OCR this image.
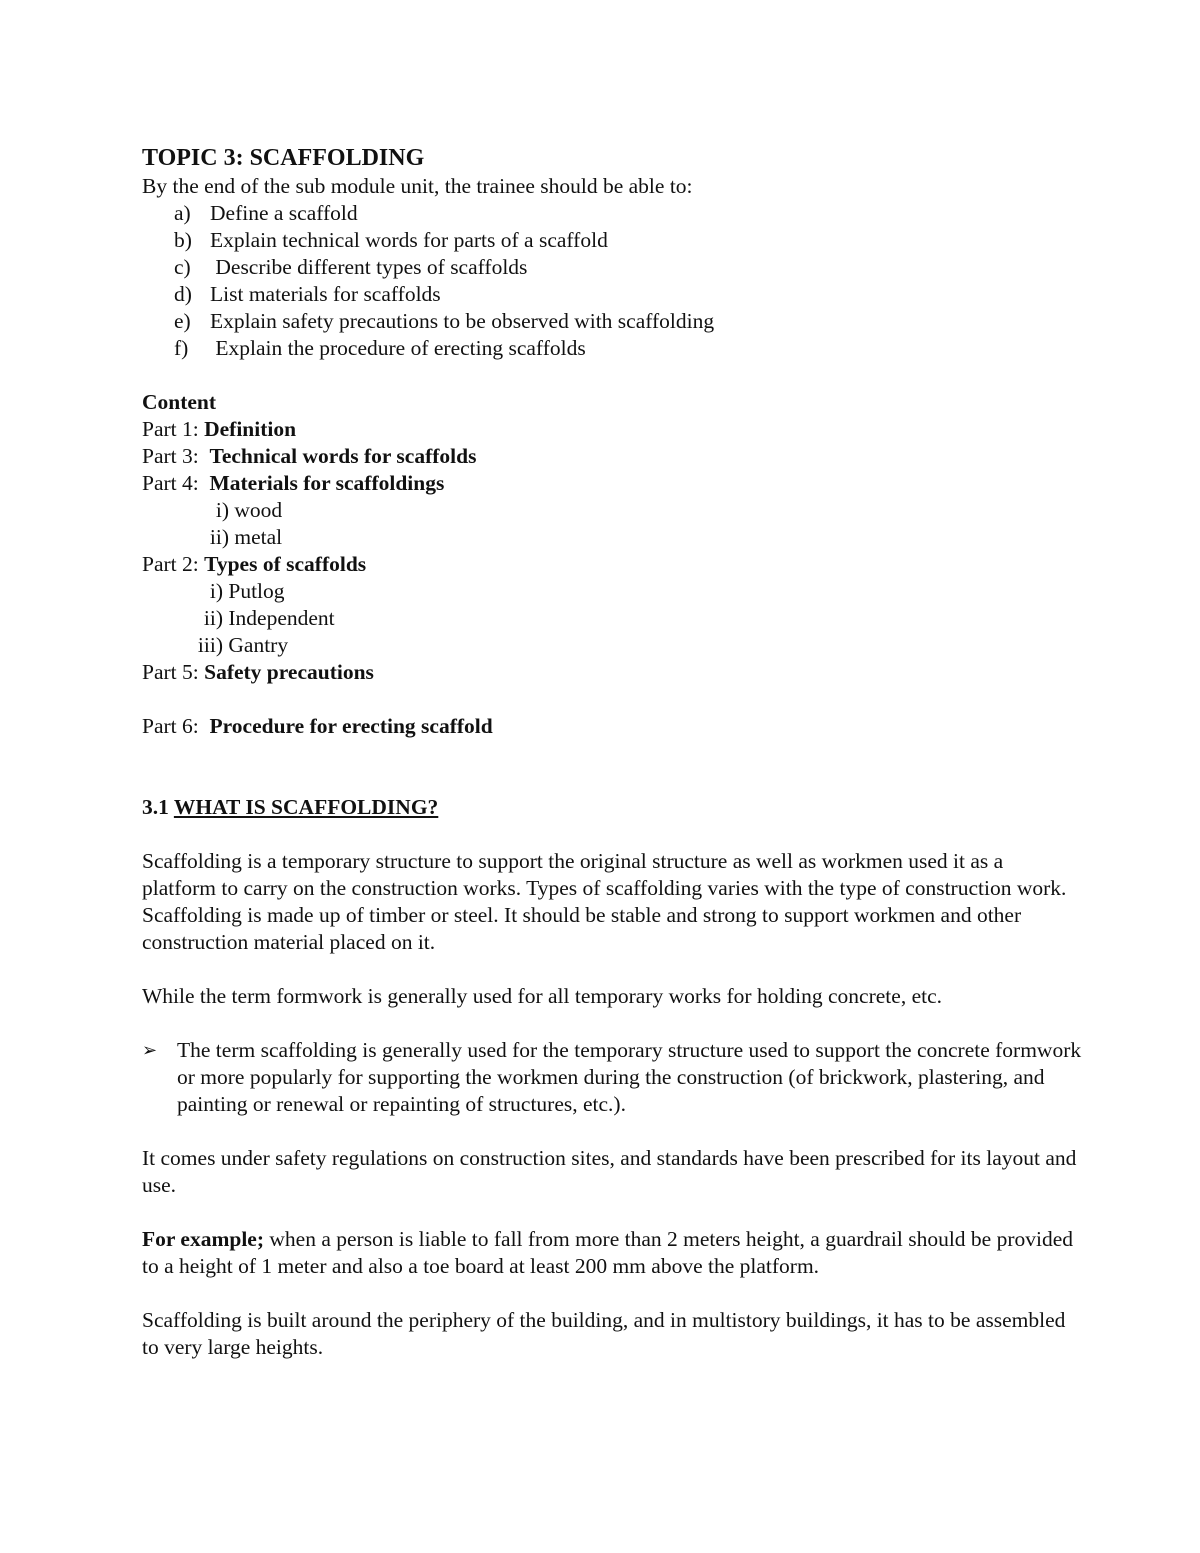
TOPIC 3: SCAFFOLDING

By the end of the sub module unit, the trainee should be able to:

a) Define a scaffold

b) Explain technical words for parts of a scaffold

c) Describe different types of scaffolds

d) List materials for scaffolds

e) Explain safety precautions to be observed with scaffolding

f) Explain the procedure of erecting scaffolds

Content

Part 1: Definition

Part 3:  Technical words for scaffolds

Part 4:  Materials for scaffoldings

i) wood

ii) metal

Part 2: Types of scaffolds

i) Putlog

ii) Independent

iii) Gantry

Part 5: Safety precautions

Part 6:  Procedure for erecting scaffold

3.1 WHAT IS SCAFFOLDING?

Scaffolding is a temporary structure to support the original structure as well as workmen used it as a platform to carry on the construction works. Types of scaffolding varies with the type of construction work. Scaffolding is made up of timber or steel. It should be stable and strong to support workmen and other construction material placed on it.

While the term formwork is generally used for all temporary works for holding concrete, etc.

➢ The term scaffolding is generally used for the temporary structure used to support the concrete formwork or more popularly for supporting the workmen during the construction (of brickwork, plastering, and painting or renewal or repainting of structures, etc.).

It comes under safety regulations on construction sites, and standards have been prescribed for its layout and use.

For example; when a person is liable to fall from more than 2 meters height, a guardrail should be provided to a height of 1 meter and also a toe board at least 200 mm above the platform.

Scaffolding is built around the periphery of the building, and in multistory buildings, it has to be assembled to very large heights.
